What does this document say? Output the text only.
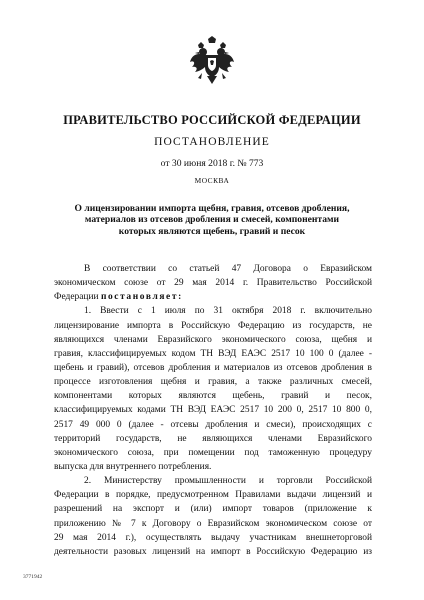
ПРАВИТЕЛЬСТВО РОССИЙСКОЙ ФЕДЕРАЦИИ
ПОСТАНОВЛЕНИЕ
от 30 июня 2018 г. № 773
МОСКВА
О лицензировании импорта щебня, гравия, отсевов дробления,
материалов из отсевов дробления и смесей, компонентами
которых являются щебень, гравий и песок
В соответствии со статьей 47 Договора о Евразийском
экономическом союзе от 29 мая 2014 г. Правительство Российской
Федерации постановляет:
1. Ввести с 1 июля по 31 октября 2018 г. включительно
лицензирование импорта в Российскую Федерацию из государств, не
являющихся членами Евразийского экономического союза, щебня и
гравия, классифицируемых кодом ТН ВЭД ЕАЭС 2517 10 100 0 (далее -
щебень и гравий), отсевов дробления и материалов из отсевов дробления в
процессе изготовления щебня и гравия, а также различных смесей,
компонентами которых являются щебень, гравий и песок,
классифицируемых кодами ТН ВЭД ЕАЭС 2517 10 200 0, 2517 10 800 0,
2517 49 000 0 (далее - отсевы дробления и смеси), происходящих с
территорий государств, не являющихся членами Евразийского
экономического союза, при помещении под таможенную процедуру
выпуска для внутреннего потребления.
2. Министерству промышленности и торговли Российской
Федерации в порядке, предусмотренном Правилами выдачи лицензий и
разрешений на экспорт и (или) импорт товаров (приложение к
приложению № 7 к Договору о Евразийском экономическом союзе от
29 мая 2014 г.), осуществлять выдачу участникам внешнеторговой
деятельности разовых лицензий на импорт в Российскую Федерацию из
3771942
